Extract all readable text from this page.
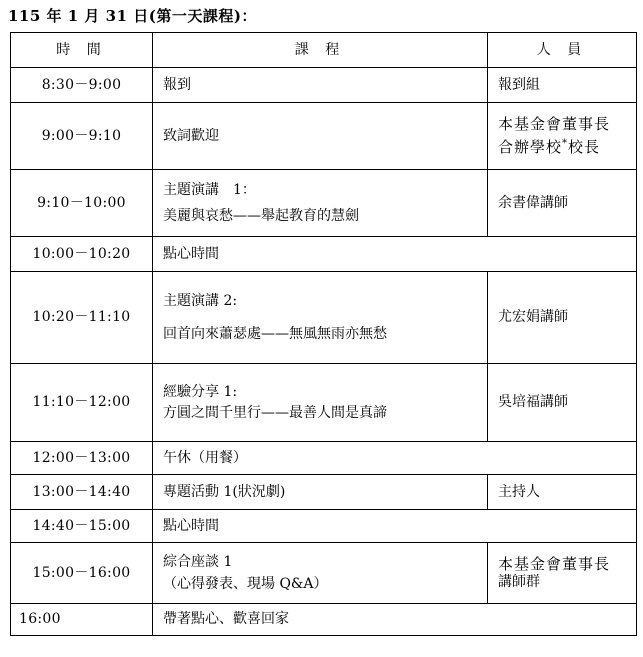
115 年 1 月 31 日(第一天課程)：
時 間	課 程	人 員
8:30－9:00	報到	報到組

9:00－9:10	致詞歡迎	本基金會董事長
合辦學校*校長

9:10－10:00	主題演講　1：
美麗與哀愁——舉起教育的慧劍	余書偉講師

10:00－10:20	點心時間	

10:20－11:10	主題演講 2:
回首向來蕭瑟處——無風無雨亦無愁	尤宏娟講師

11:10－12:00	經驗分享 1:
方圓之間千里行——最善人間是真諦	吳培福講師

12:00－13:00	午休（用餐）	

13:00－14:40	專題活動 1(狀況劇)	主持人

14:40－15:00	點心時間	

15:00－16:00	綜合座談 1
（心得發表、現場 Q&A）	本基金會董事長
講師群

16:00	帶著點心、歡喜回家	
